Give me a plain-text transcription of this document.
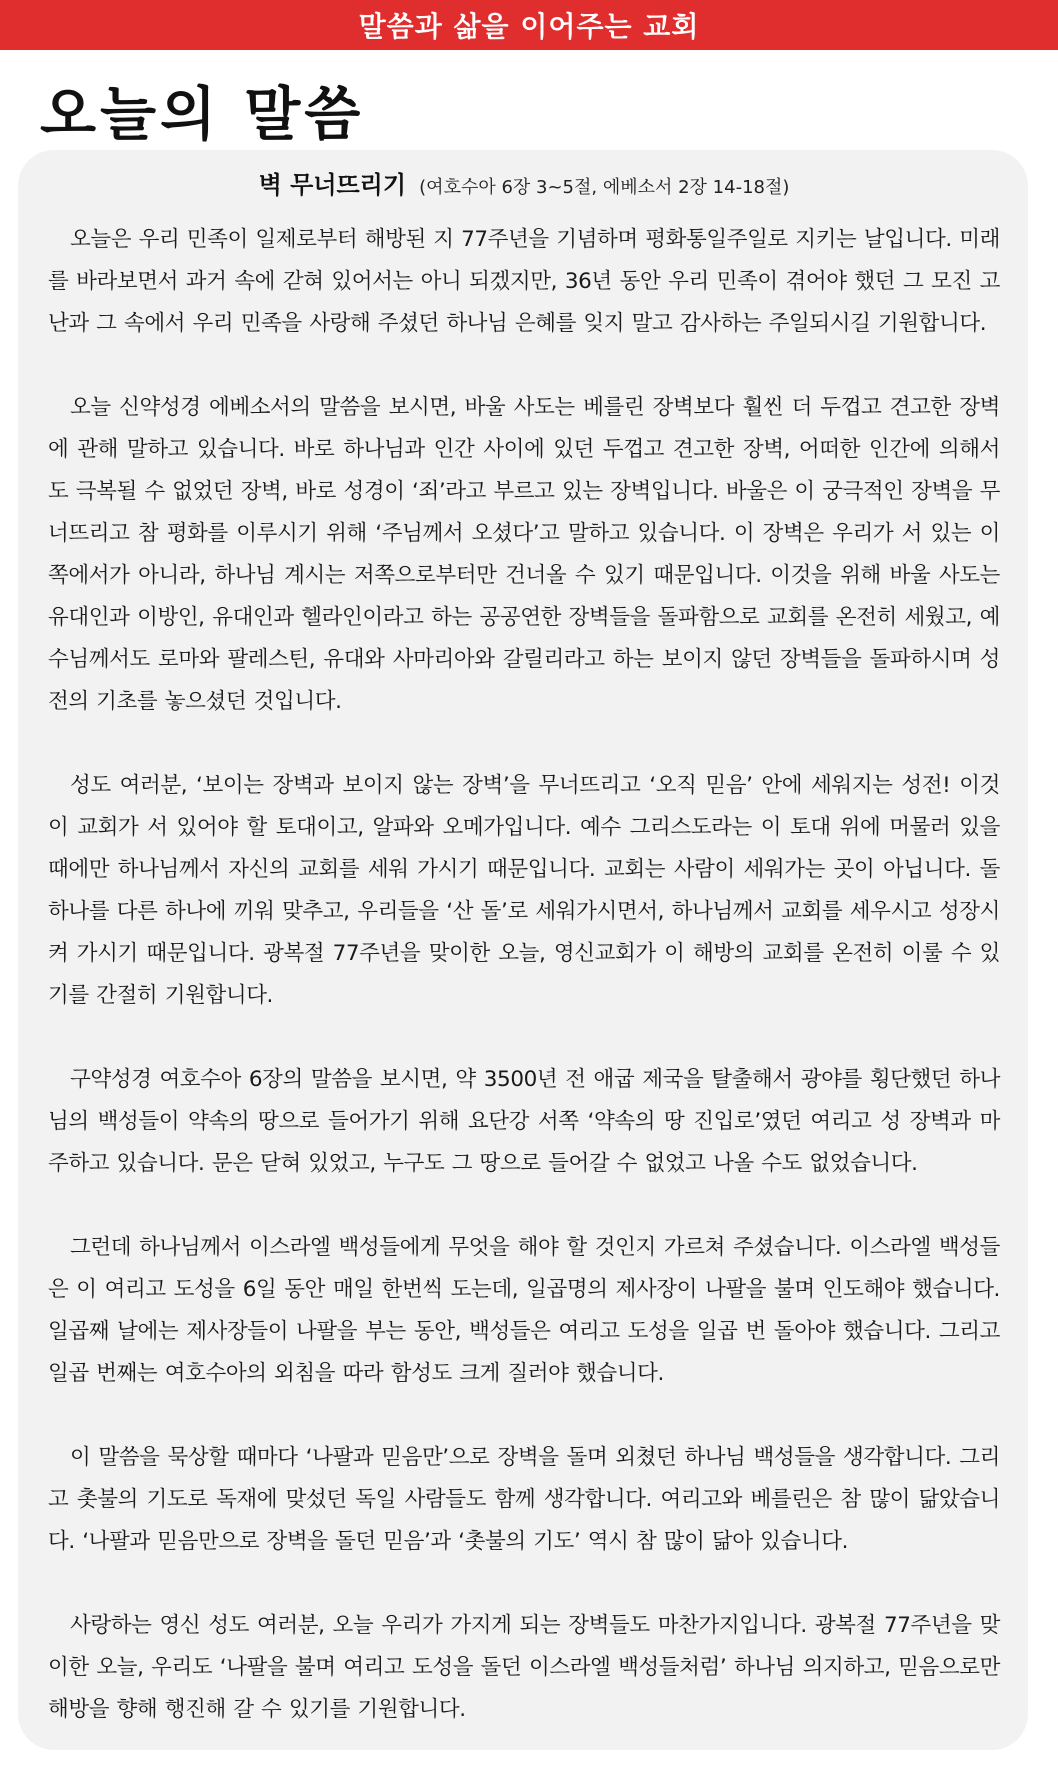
말씀과 삶을 이어주는 교회
오늘의 말씀
벽 무너뜨리기 (여호수아 6장 3~5절, 에베소서 2장 14-18절)

오늘은 우리 민족이 일제로부터 해방된 지 77주년을 기념하며 평화통일주일로 지키는 날입니다. 미래를 바라보면서 과거 속에 갇혀 있어서는 아니 되겠지만, 36년 동안 우리 민족이 겪어야 했던 그 모진 고난과 그 속에서 우리 민족을 사랑해 주셨던 하나님 은혜를 잊지 말고 감사하는 주일되시길 기원합니다.

오늘 신약성경 에베소서의 말씀을 보시면, 바울 사도는 베를린 장벽보다 훨씬 더 두껍고 견고한 장벽에 관해 말하고 있습니다. 바로 하나님과 인간 사이에 있던 두껍고 견고한 장벽, 어떠한 인간에 의해서도 극복될 수 없었던 장벽, 바로 성경이 ‘죄’라고 부르고 있는 장벽입니다. 바울은 이 궁극적인 장벽을 무너뜨리고 참 평화를 이루시기 위해 ‘주님께서 오셨다’고 말하고 있습니다. 이 장벽은 우리가 서 있는 이쪽에서가 아니라, 하나님 계시는 저쪽으로부터만 건너올 수 있기 때문입니다. 이것을 위해 바울 사도는 유대인과 이방인, 유대인과 헬라인이라고 하는 공공연한 장벽들을 돌파함으로 교회를 온전히 세웠고, 예수님께서도 로마와 팔레스틴, 유대와 사마리아와 갈릴리라고 하는 보이지 않던 장벽들을 돌파하시며 성전의 기초를 놓으셨던 것입니다.

성도 여러분, ‘보이는 장벽과 보이지 않는 장벽’을 무너뜨리고 ‘오직 믿음’ 안에 세워지는 성전! 이것이 교회가 서 있어야 할 토대이고, 알파와 오메가입니다. 예수 그리스도라는 이 토대 위에 머물러 있을 때에만 하나님께서 자신의 교회를 세워 가시기 때문입니다. 교회는 사람이 세워가는 곳이 아닙니다. 돌 하나를 다른 하나에 끼워 맞추고, 우리들을 ‘산 돌’로 세워가시면서, 하나님께서 교회를 세우시고 성장시켜 가시기 때문입니다. 광복절 77주년을 맞이한 오늘, 영신교회가 이 해방의 교회를 온전히 이룰 수 있기를 간절히 기원합니다.

구약성경 여호수아 6장의 말씀을 보시면, 약 3500년 전 애굽 제국을 탈출해서 광야를 횡단했던 하나님의 백성들이 약속의 땅으로 들어가기 위해 요단강 서쪽 ‘약속의 땅 진입로’였던 여리고 성 장벽과 마주하고 있습니다. 문은 닫혀 있었고, 누구도 그 땅으로 들어갈 수 없었고 나올 수도 없었습니다.

그런데 하나님께서 이스라엘 백성들에게 무엇을 해야 할 것인지 가르쳐 주셨습니다. 이스라엘 백성들은 이 여리고 도성을 6일 동안 매일 한번씩 도는데, 일곱명의 제사장이 나팔을 불며 인도해야 했습니다. 일곱째 날에는 제사장들이 나팔을 부는 동안, 백성들은 여리고 도성을 일곱 번 돌아야 했습니다. 그리고 일곱 번째는 여호수아의 외침을 따라 함성도 크게 질러야 했습니다.

이 말씀을 묵상할 때마다 ‘나팔과 믿음만’으로 장벽을 돌며 외쳤던 하나님 백성들을 생각합니다. 그리고 촛불의 기도로 독재에 맞섰던 독일 사람들도 함께 생각합니다. 여리고와 베를린은 참 많이 닮았습니다. ‘나팔과 믿음만으로 장벽을 돌던 믿음’과 ‘촛불의 기도’ 역시 참 많이 닮아 있습니다.

사랑하는 영신 성도 여러분, 오늘 우리가 가지게 되는 장벽들도 마찬가지입니다. 광복절 77주년을 맞이한 오늘, 우리도 ‘나팔을 불며 여리고 도성을 돌던 이스라엘 백성들처럼’ 하나님 의지하고, 믿음으로만 해방을 향해 행진해 갈 수 있기를 기원합니다.
